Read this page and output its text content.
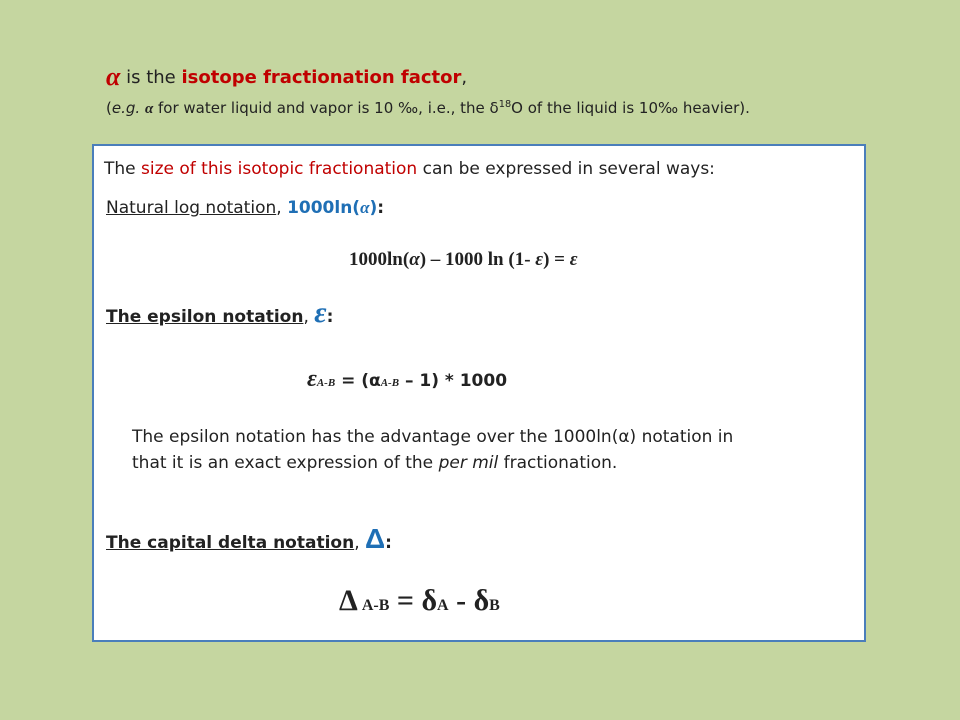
α is the isotope fractionation factor,
(e.g. α for water liquid and vapor is 10 ‰, i.e., the $\delta^{18}O$ of the liquid is 10‰ heavier).
The size of this isotopic fractionation can be expressed in several ways:
Natural log notation, 1000ln(α):
1000ln(α) – 1000 ln (1- ε) = ε
The epsilon notation, ε:
εA-B = (αA-B – 1) * 1000
The epsilon notation has the advantage over the 1000ln(α) notation in
that it is an exact expression of the per mil fractionation.
The capital delta notation, Δ:
Δ A-B = δA - δB
